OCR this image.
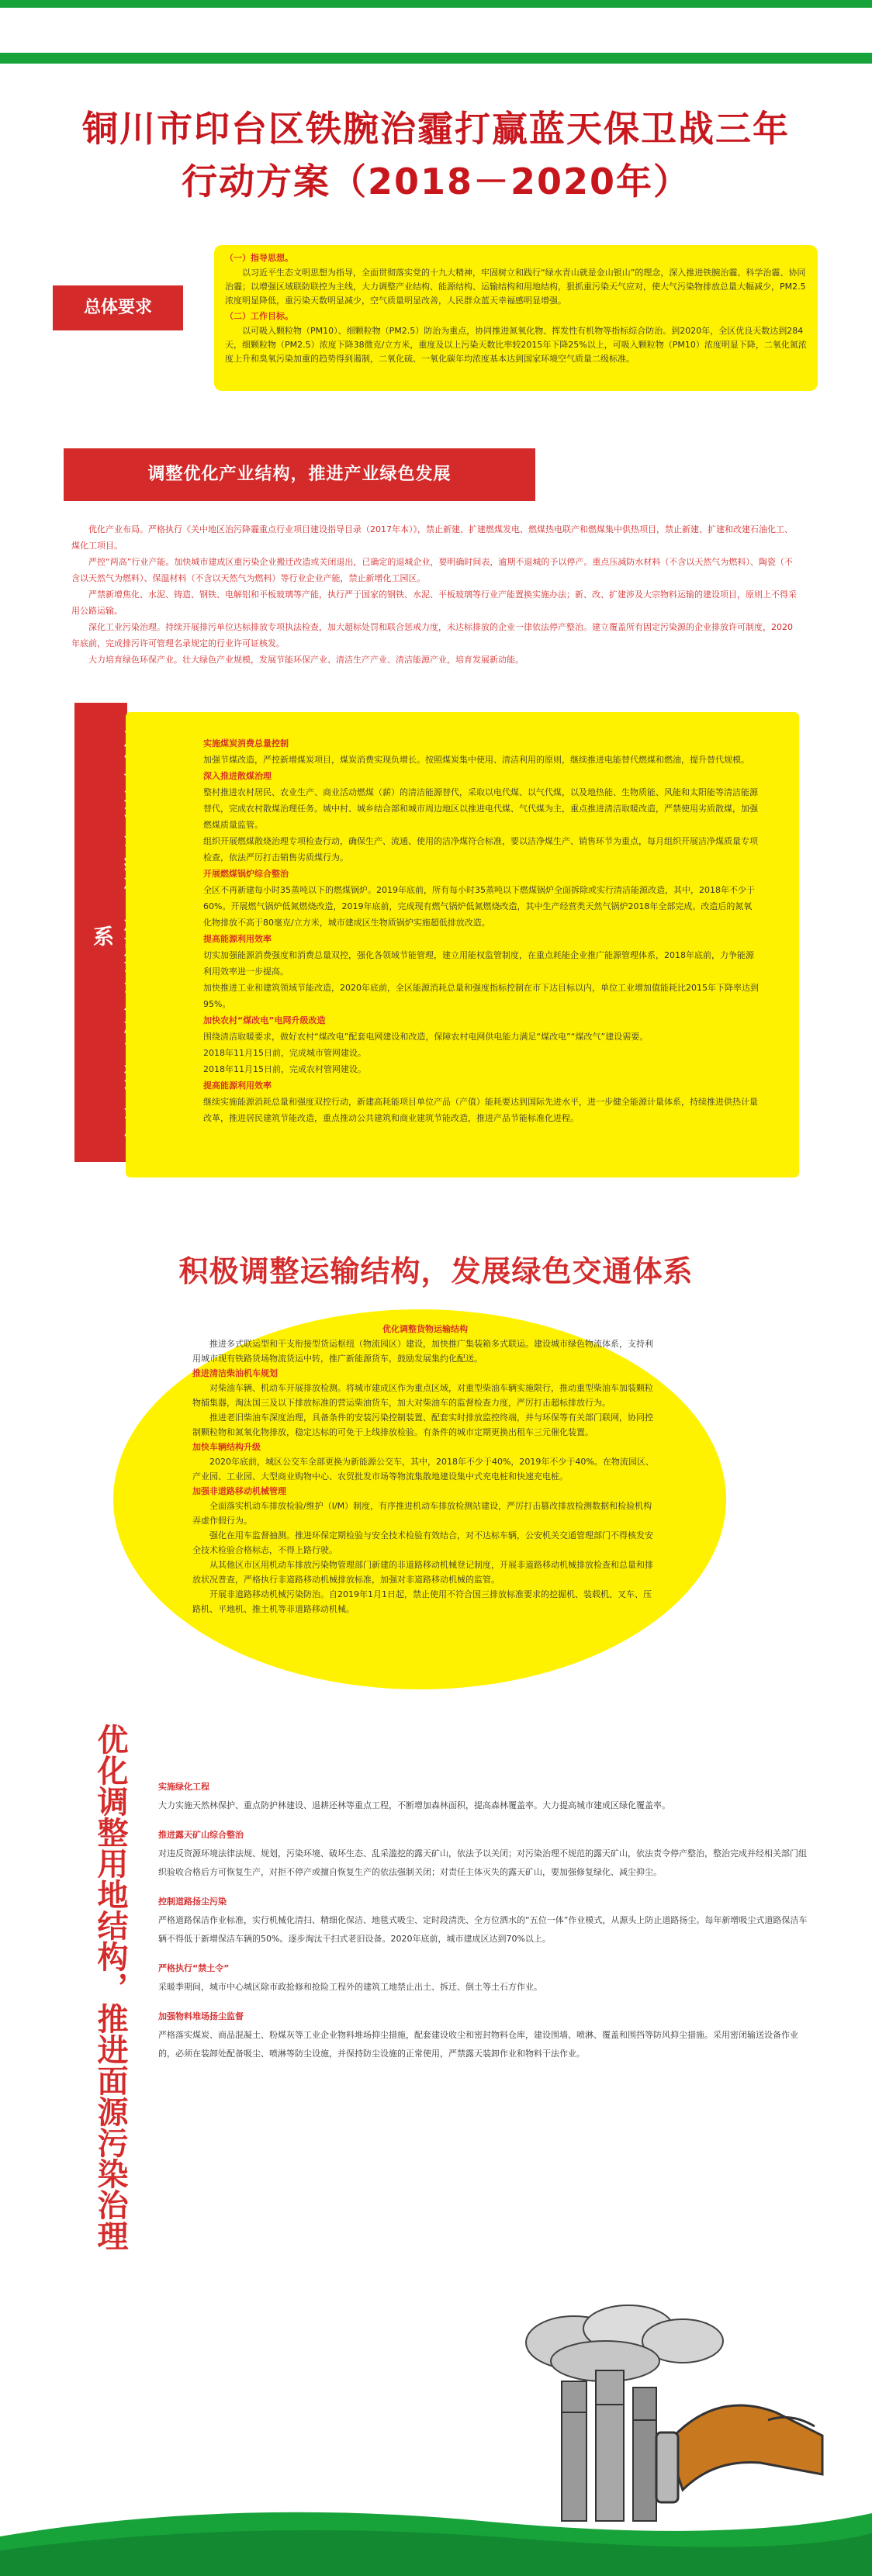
铜川市印台区铁腕治霾打赢蓝天保卫战三年
行动方案（2018－2020年）
总体要求

（一）指导思想。

以习近平生态文明思想为指导，全面贯彻落实党的十九大精神，牢固树立和践行“绿水青山就是金山银山”的理念，深入推进铁腕治霾、科学治霾、协同治霾；以增强区域联防联控为主线，大力调整产业结构、能源结构、运输结构和用地结构，狠抓重污染天气应对，使大气污染物排放总量大幅减少，PM2.5浓度明显降低，重污染天数明显减少，空气质量明显改善，人民群众蓝天幸福感明显增强。

（二）工作目标。

以可吸入颗粒物（PM10）、细颗粒物（PM2.5）防治为重点，协同推进氮氧化物、挥发性有机物等指标综合防治。到2020年，全区优良天数达到284天，细颗粒物（PM2.5）浓度下降38微克/立方米，重度及以上污染天数比率较2015年下降25%以上，可吸入颗粒物（PM10）浓度明显下降，二氧化氮浓度上升和臭氧污染加重的趋势得到遏制，二氧化硫、一氧化碳年均浓度基本达到国家环境空气质量二级标准。

调整优化产业结构，推进产业绿色发展

优化产业布局。严格执行《关中地区治污降霾重点行业项目建设指导目录（2017年本）》，禁止新建、扩建燃煤发电、燃煤热电联产和燃煤集中供热项目，禁止新建、扩建和改建石油化工、煤化工项目。

严控“两高”行业产能。加快城市建成区重污染企业搬迁改造或关闭退出，已确定的退城企业，要明确时间表，逾期不退城的予以停产。重点压减防水材料（不含以天然气为燃料）、陶瓷（不含以天然气为燃料）、保温材料（不含以天然气为燃料）等行业企业产能，禁止新增化工园区。

严禁新增焦化、水泥、铸造、钢铁、电解铝和平板玻璃等产能，执行严于国家的钢铁、水泥、平板玻璃等行业产能置换实施办法；新、改、扩建涉及大宗物料运输的建设项目，原则上不得采用公路运输。

深化工业污染治理。持续开展排污单位达标排放专项执法检查，加大超标处罚和联合惩戒力度，未达标排放的企业一律依法停产整治。建立覆盖所有固定污染源的企业排放许可制度，2020年底前，完成排污许可管理名录规定的行业许可证核发。

大力培育绿色环保产业。壮大绿色产业规模，发展节能环保产业、清洁生产产业、清洁能源产业，培育发展新动能。

系

实施煤炭消费总量控制

加强节煤改造，严控新增煤炭项目，煤炭消费实现负增长。按照煤炭集中使用、清洁利用的原则，继续推进电能替代燃煤和燃油，提升替代规模。

深入推进散煤治理

整村推进农村居民、农业生产、商业活动燃煤（薪）的清洁能源替代，采取以电代煤、以气代煤，以及地热能、生物质能、风能和太阳能等清洁能源替代，完成农村散煤治理任务。城中村、城乡结合部和城市周边地区以推进电代煤、气代煤为主，重点推进清洁取暖改造，严禁使用劣质散煤，加强燃煤质量监管。

组织开展燃煤散烧治理专项检查行动，确保生产、流通、使用的洁净煤符合标准，要以洁净煤生产、销售环节为重点，每月组织开展洁净煤质量专项检查，依法严厉打击销售劣质煤行为。

开展燃煤锅炉综合整治

全区不再新建每小时35蒸吨以下的燃煤锅炉。2019年底前，所有每小时35蒸吨以下燃煤锅炉全面拆除或实行清洁能源改造，其中，2018年不少于60%。开展燃气锅炉低氮燃烧改造，2019年底前，完成现有燃气锅炉低氮燃烧改造，其中生产经营类天然气锅炉2018年全部完成。改造后的氮氧化物排放不高于80毫克/立方米，城市建成区生物质锅炉实施超低排放改造。

提高能源利用效率

切实加强能源消费强度和消费总量双控，强化各领域节能管理，建立用能权监管制度，在重点耗能企业推广能源管理体系，2018年底前，力争能源利用效率进一步提高。

加快推进工业和建筑领域节能改造，2020年底前，全区能源消耗总量和强度指标控制在市下达目标以内，单位工业增加值能耗比2015年下降率达到95%。

加快农村“煤改电”电网升级改造

围绕清洁取暖要求，做好农村“煤改电”配套电网建设和改造，保障农村电网供电能力满足“煤改电”“煤改气”建设需要。

2018年11月15日前，完成城市管网建设。

2018年11月15日前，完成农村管网建设。

提高能源利用效率

继续实施能源消耗总量和强度双控行动，新建高耗能项目单位产品（产值）能耗要达到国际先进水平，进一步健全能源计量体系，持续推进供热计量改革，推进居民建筑节能改造，重点推动公共建筑和商业建筑节能改造，推进产品节能标准化进程。

积极调整运输结构，发展绿色交通体系

优化调整货物运输结构

推进多式联运型和干支衔接型货运枢纽（物流园区）建设，加快推广集装箱多式联运。建设城市绿色物流体系，支持利用城市现有铁路货场物流货运中转，推广新能源货车，鼓励发展集约化配送。

推进清洁柴油机车规划

对柴油车辆、机动车开展排放检测。将城市建成区作为重点区域，对重型柴油车辆实施限行，推动重型柴油车加装颗粒物捕集器，淘汰国三及以下排放标准的营运柴油货车，加大对柴油车的监督检查力度，严厉打击超标排放行为。

推进老旧柴油车深度治理，具备条件的安装污染控制装置、配套实时排放监控终端，并与环保等有关部门联网，协同控制颗粒物和氮氧化物排放，稳定达标的可免于上线排放检验。有条件的城市定期更换出租车三元催化装置。

加快车辆结构升级

2020年底前，城区公交车全部更换为新能源公交车，其中，2018年不少于40%，2019年不少于40%。在物流园区、产业园、工业园、大型商业购物中心、农贸批发市场等物流集散地建设集中式充电桩和快速充电桩。

加强非道路移动机械管理

全面落实机动车排放检验/维护（I/M）制度，有序推进机动车排放检测站建设，严厉打击篡改排放检测数据和检验机构弄虚作假行为。

强化在用车监督抽测。推进环保定期检验与安全技术检验有效结合，对不达标车辆，公安机关交通管理部门不得核发安全技术检验合格标志，不得上路行驶。

从其他区市区用机动车排放污染物管理部门新建的非道路移动机械登记制度，开展非道路移动机械排放检查和总量和排放状况普查，严格执行非道路移动机械排放标准，加强对非道路移动机械的监管。

开展非道路移动机械污染防治。自2019年1月1日起，禁止使用不符合国三排放标准要求的挖掘机、装载机、叉车、压路机、平地机、推土机等非道路移动机械。

优化调整用地结构，推进面源污染治理	实施绿化工程

大力实施天然林保护、重点防护林建设、退耕还林等重点工程，不断增加森林面积，提高森林覆盖率。大力提高城市建成区绿化覆盖率。

推进露天矿山综合整治

对违反资源环境法律法规、规划，污染环境、破坏生态、乱采滥挖的露天矿山，依法予以关闭；对污染治理不规范的露天矿山，依法责令停产整治，整治完成并经相关部门组织验收合格后方可恢复生产，对拒不停产或擅自恢复生产的依法强制关闭；对责任主体灭失的露天矿山，要加强修复绿化、减尘抑尘。

控制道路扬尘污染

严格道路保洁作业标准，实行机械化清扫、精细化保洁、地毯式吸尘、定时段清洗、全方位洒水的“五位一体”作业模式，从源头上防止道路扬尘。每年新增吸尘式道路保洁车辆不得低于新增保洁车辆的50%。逐步淘汰干扫式老旧设备。2020年底前，城市建成区达到70%以上。

严格执行“禁土令”

采暖季期间，城市中心城区除市政抢修和抢险工程外的建筑工地禁止出土、拆迁、倒土等土石方作业。

加强物料堆场扬尘监督

严格落实煤炭、商品混凝土、粉煤灰等工业企业物料堆场抑尘措施，配套建设收尘和密封物料仓库，建设围墙、喷淋、覆盖和围挡等防风抑尘措施。采用密闭输送设备作业的，必须在装卸处配备吸尘、喷淋等防尘设施，并保持防尘设施的正常使用，严禁露天装卸作业和物料干法作业。
